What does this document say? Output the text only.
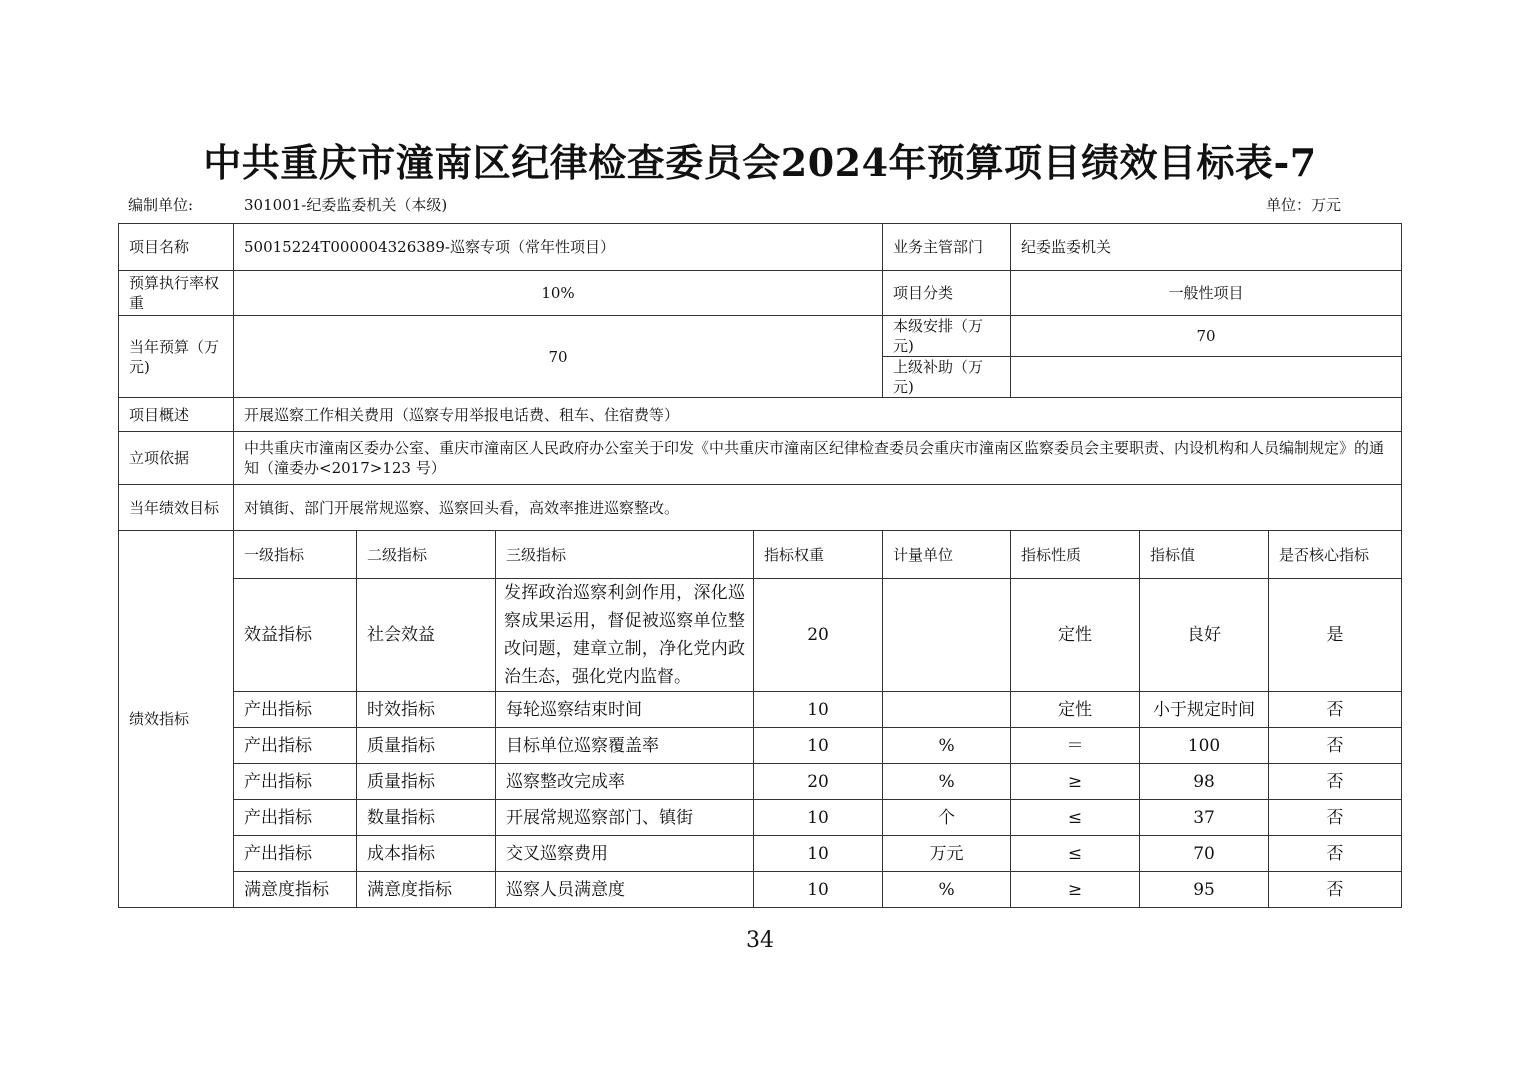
中共重庆市潼南区纪律检查委员会2024年预算项目绩效目标表-7
编制单位:	301001-纪委监委机关（本级)	单位：万元
项目名称	50015224T000004326389-巡察专项（常年性项目）				业务主管部门	纪委监委机关		
预算执行率权重	10%				项目分类	一般性项目		
当年预算（万元)	70				本级安排（万元)	70		
					上级补助（万元)			
项目概述	开展巡察工作相关费用（巡察专用举报电话费、租车、住宿费等）							
立项依据	中共重庆市潼南区委办公室、重庆市潼南区人民政府办公室关于印发《中共重庆市潼南区纪律检查委员会重庆市潼南区监察委员会主要职责、内设机构和人员编制规定》的通知（潼委办<2017>123 号）							
当年绩效目标	对镇街、部门开展常规巡察、巡察回头看，高效率推进巡察整改。							
绩效指标	一级指标	二级指标	三级指标	指标权重	计量单位	指标性质	指标值	是否核心指标
	效益指标	社会效益	发挥政治巡察利剑作用，深化巡察成果运用，督促被巡察单位整改问题，建章立制，净化党内政治生态，强化党内监督。	20		定性	良好	是
	产出指标	时效指标	每轮巡察结束时间	10		定性	小于规定时间	否
	产出指标	质量指标	目标单位巡察覆盖率	10	%	＝	100	否
	产出指标	质量指标	巡察整改完成率	20	%	≥	98	否
	产出指标	数量指标	开展常规巡察部门、镇街	10	个	≤	37	否
	产出指标	成本指标	交叉巡察费用	10	万元	≤	70	否
	满意度指标	满意度指标	巡察人员满意度	10	%	≥	95	否
34
